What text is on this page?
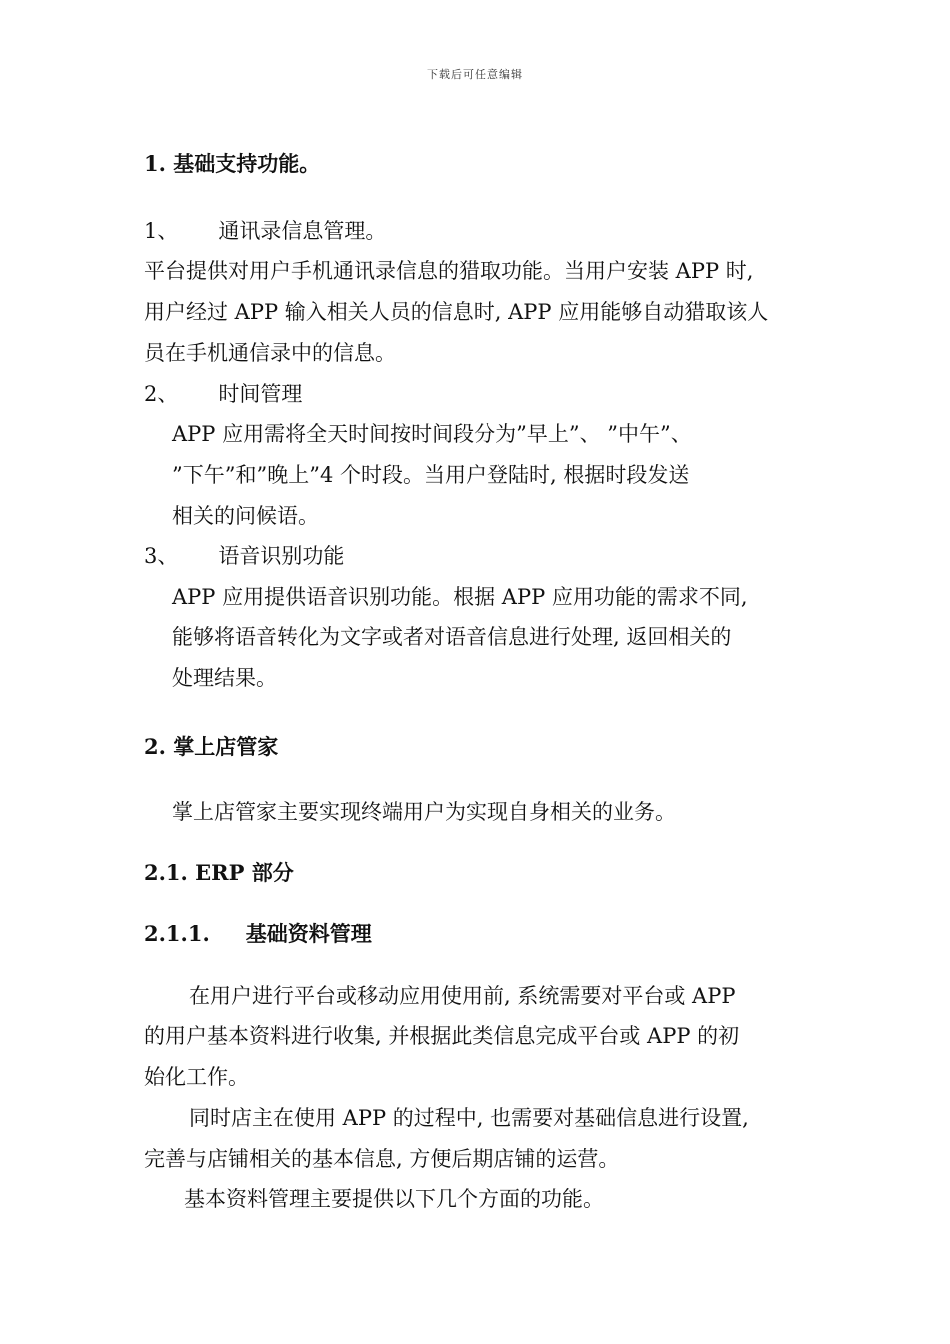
下载后可任意编辑
1. 基础支持功能。
1、 通讯录信息管理。
平台提供对用户手机通讯录信息的猎取功能。当用户安装 APP 时,
用户经过 APP 输入相关人员的信息时, APP 应用能够自动猎取该人
员在手机通信录中的信息。
2、 时间管理
APP 应用需将全天时间按时间段分为”早上”、 ”中午”、
”下午”和”晚上”4 个时段。当用户登陆时, 根据时段发送
相关的问候语。
3、 语音识别功能
APP 应用提供语音识别功能。根据 APP 应用功能的需求不同,
能够将语音转化为文字或者对语音信息进行处理, 返回相关的
处理结果。
2. 掌上店管家
掌上店管家主要实现终端用户为实现自身相关的业务。
2.1. ERP 部分
2.1.1. 基础资料管理
在用户进行平台或移动应用使用前, 系统需要对平台或 APP
的用户基本资料进行收集, 并根据此类信息完成平台或 APP 的初
始化工作。
同时店主在使用 APP 的过程中, 也需要对基础信息进行设置,
完善与店铺相关的基本信息, 方便后期店铺的运营。
基本资料管理主要提供以下几个方面的功能。
